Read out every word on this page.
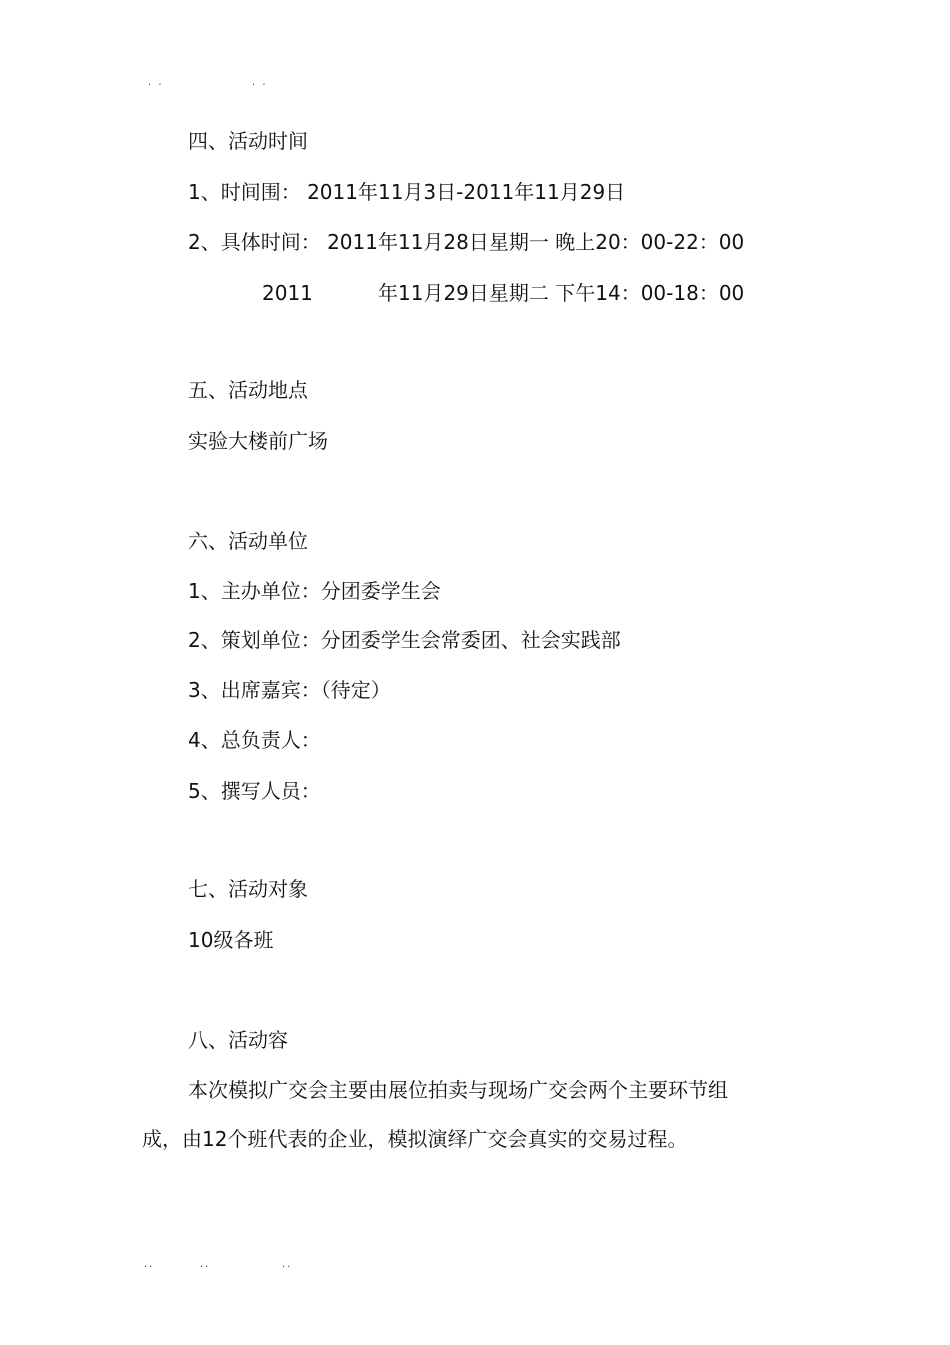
. .	. .
四、活动时间
1、时间围： 2011年11月3日-2011年11月29日
2、具体时间： 2011年11月28日星期一 晚上20：00-22：00
2011	年11月29日星期二 下午14：00-18：00
五、活动地点
实验大楼前广场
六、活动单位
1、主办单位：分团委学生会
2、策划单位：分团委学生会常委团、社会实践部
3、出席嘉宾：（待定）
4、总负责人：
5、撰写人员：
七、活动对象
10级各班
八、活动容
本次模拟广交会主要由展位拍卖与现场广交会两个主要环节组
成，由12个班代表的企业，模拟演绎广交会真实的交易过程。
..	..	..
